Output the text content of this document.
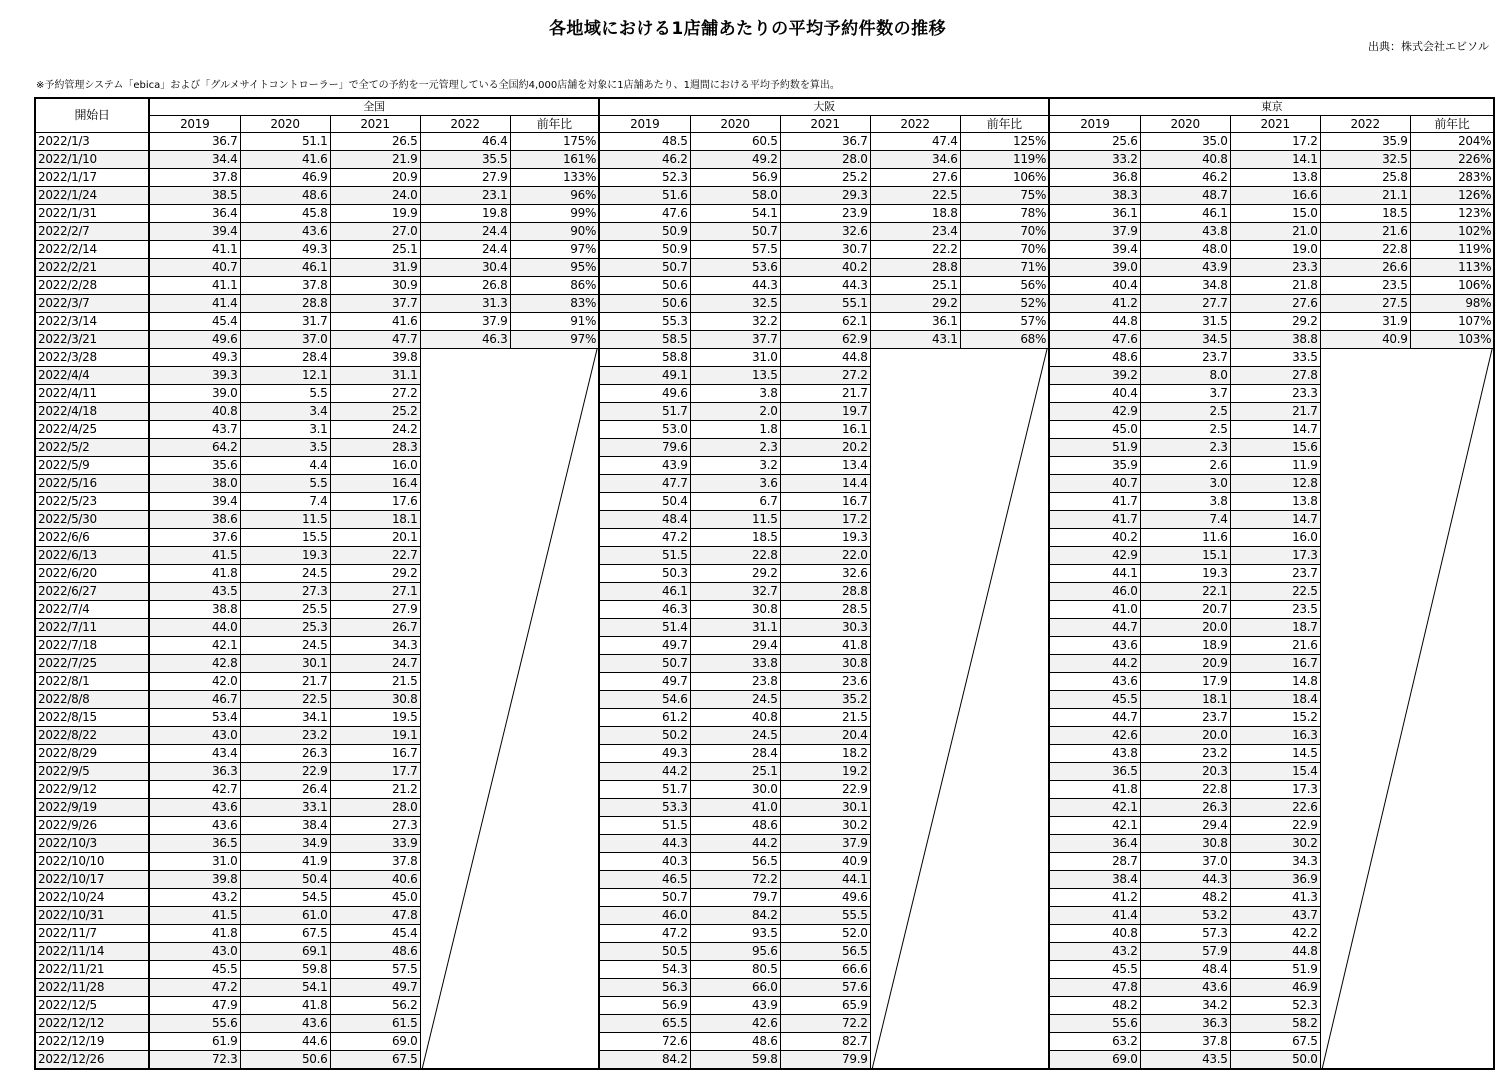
各地域における1店舗あたりの平均予約件数の推移
出典：株式会社エビソル
※予約管理システム「ebica」および「グルメサイトコントローラー」で全ての予約を一元管理している全国約4,000店舗を対象に1店舗あたり、1週間における平均予約数を算出。
開始日	全国					大阪					東京				
	2019	2020	2021	2022	前年比	2019	2020	2021	2022	前年比	2019	2020	2021	2022	前年比
2022/1/3	36.7	51.1	26.5	46.4	175%	48.5	60.5	36.7	47.4	125%	25.6	35.0	17.2	35.9	204%
2022/1/10	34.4	41.6	21.9	35.5	161%	46.2	49.2	28.0	34.6	119%	33.2	40.8	14.1	32.5	226%
2022/1/17	37.8	46.9	20.9	27.9	133%	52.3	56.9	25.2	27.6	106%	36.8	46.2	13.8	25.8	283%
2022/1/24	38.5	48.6	24.0	23.1	96%	51.6	58.0	29.3	22.5	75%	38.3	48.7	16.6	21.1	126%
2022/1/31	36.4	45.8	19.9	19.8	99%	47.6	54.1	23.9	18.8	78%	36.1	46.1	15.0	18.5	123%
2022/2/7	39.4	43.6	27.0	24.4	90%	50.9	50.7	32.6	23.4	70%	37.9	43.8	21.0	21.6	102%
2022/2/14	41.1	49.3	25.1	24.4	97%	50.9	57.5	30.7	22.2	70%	39.4	48.0	19.0	22.8	119%
2022/2/21	40.7	46.1	31.9	30.4	95%	50.7	53.6	40.2	28.8	71%	39.0	43.9	23.3	26.6	113%
2022/2/28	41.1	37.8	30.9	26.8	86%	50.6	44.3	44.3	25.1	56%	40.4	34.8	21.8	23.5	106%
2022/3/7	41.4	28.8	37.7	31.3	83%	50.6	32.5	55.1	29.2	52%	41.2	27.7	27.6	27.5	98%
2022/3/14	45.4	31.7	41.6	37.9	91%	55.3	32.2	62.1	36.1	57%	44.8	31.5	29.2	31.9	107%
2022/3/21	49.6	37.0	47.7	46.3	97%	58.5	37.7	62.9	43.1	68%	47.6	34.5	38.8	40.9	103%
2022/3/28	49.3	28.4	39.8			58.8	31.0	44.8			48.6	23.7	33.5		
2022/4/4	39.3	12.1	31.1			49.1	13.5	27.2			39.2	8.0	27.8		
2022/4/11	39.0	5.5	27.2			49.6	3.8	21.7			40.4	3.7	23.3		
2022/4/18	40.8	3.4	25.2			51.7	2.0	19.7			42.9	2.5	21.7		
2022/4/25	43.7	3.1	24.2			53.0	1.8	16.1			45.0	2.5	14.7		
2022/5/2	64.2	3.5	28.3			79.6	2.3	20.2			51.9	2.3	15.6		
2022/5/9	35.6	4.4	16.0			43.9	3.2	13.4			35.9	2.6	11.9		
2022/5/16	38.0	5.5	16.4			47.7	3.6	14.4			40.7	3.0	12.8		
2022/5/23	39.4	7.4	17.6			50.4	6.7	16.7			41.7	3.8	13.8		
2022/5/30	38.6	11.5	18.1			48.4	11.5	17.2			41.7	7.4	14.7		
2022/6/6	37.6	15.5	20.1			47.2	18.5	19.3			40.2	11.6	16.0		
2022/6/13	41.5	19.3	22.7			51.5	22.8	22.0			42.9	15.1	17.3		
2022/6/20	41.8	24.5	29.2			50.3	29.2	32.6			44.1	19.3	23.7		
2022/6/27	43.5	27.3	27.1			46.1	32.7	28.8			46.0	22.1	22.5		
2022/7/4	38.8	25.5	27.9			46.3	30.8	28.5			41.0	20.7	23.5		
2022/7/11	44.0	25.3	26.7			51.4	31.1	30.3			44.7	20.0	18.7		
2022/7/18	42.1	24.5	34.3			49.7	29.4	41.8			43.6	18.9	21.6		
2022/7/25	42.8	30.1	24.7			50.7	33.8	30.8			44.2	20.9	16.7		
2022/8/1	42.0	21.7	21.5			49.7	23.8	23.6			43.6	17.9	14.8		
2022/8/8	46.7	22.5	30.8			54.6	24.5	35.2			45.5	18.1	18.4		
2022/8/15	53.4	34.1	19.5			61.2	40.8	21.5			44.7	23.7	15.2		
2022/8/22	43.0	23.2	19.1			50.2	24.5	20.4			42.6	20.0	16.3		
2022/8/29	43.4	26.3	16.7			49.3	28.4	18.2			43.8	23.2	14.5		
2022/9/5	36.3	22.9	17.7			44.2	25.1	19.2			36.5	20.3	15.4		
2022/9/12	42.7	26.4	21.2			51.7	30.0	22.9			41.8	22.8	17.3		
2022/9/19	43.6	33.1	28.0			53.3	41.0	30.1			42.1	26.3	22.6		
2022/9/26	43.6	38.4	27.3			51.5	48.6	30.2			42.1	29.4	22.9		
2022/10/3	36.5	34.9	33.9			44.3	44.2	37.9			36.4	30.8	30.2		
2022/10/10	31.0	41.9	37.8			40.3	56.5	40.9			28.7	37.0	34.3		
2022/10/17	39.8	50.4	40.6			46.5	72.2	44.1			38.4	44.3	36.9		
2022/10/24	43.2	54.5	45.0			50.7	79.7	49.6			41.2	48.2	41.3		
2022/10/31	41.5	61.0	47.8			46.0	84.2	55.5			41.4	53.2	43.7		
2022/11/7	41.8	67.5	45.4			47.2	93.5	52.0			40.8	57.3	42.2		
2022/11/14	43.0	69.1	48.6			50.5	95.6	56.5			43.2	57.9	44.8		
2022/11/21	45.5	59.8	57.5			54.3	80.5	66.6			45.5	48.4	51.9		
2022/11/28	47.2	54.1	49.7			56.3	66.0	57.6			47.8	43.6	46.9		
2022/12/5	47.9	41.8	56.2			56.9	43.9	65.9			48.2	34.2	52.3		
2022/12/12	55.6	43.6	61.5			65.5	42.6	72.2			55.6	36.3	58.2		
2022/12/19	61.9	44.6	69.0			72.6	48.6	82.7			63.2	37.8	67.5		
2022/12/26	72.3	50.6	67.5			84.2	59.8	79.9			69.0	43.5	50.0		
